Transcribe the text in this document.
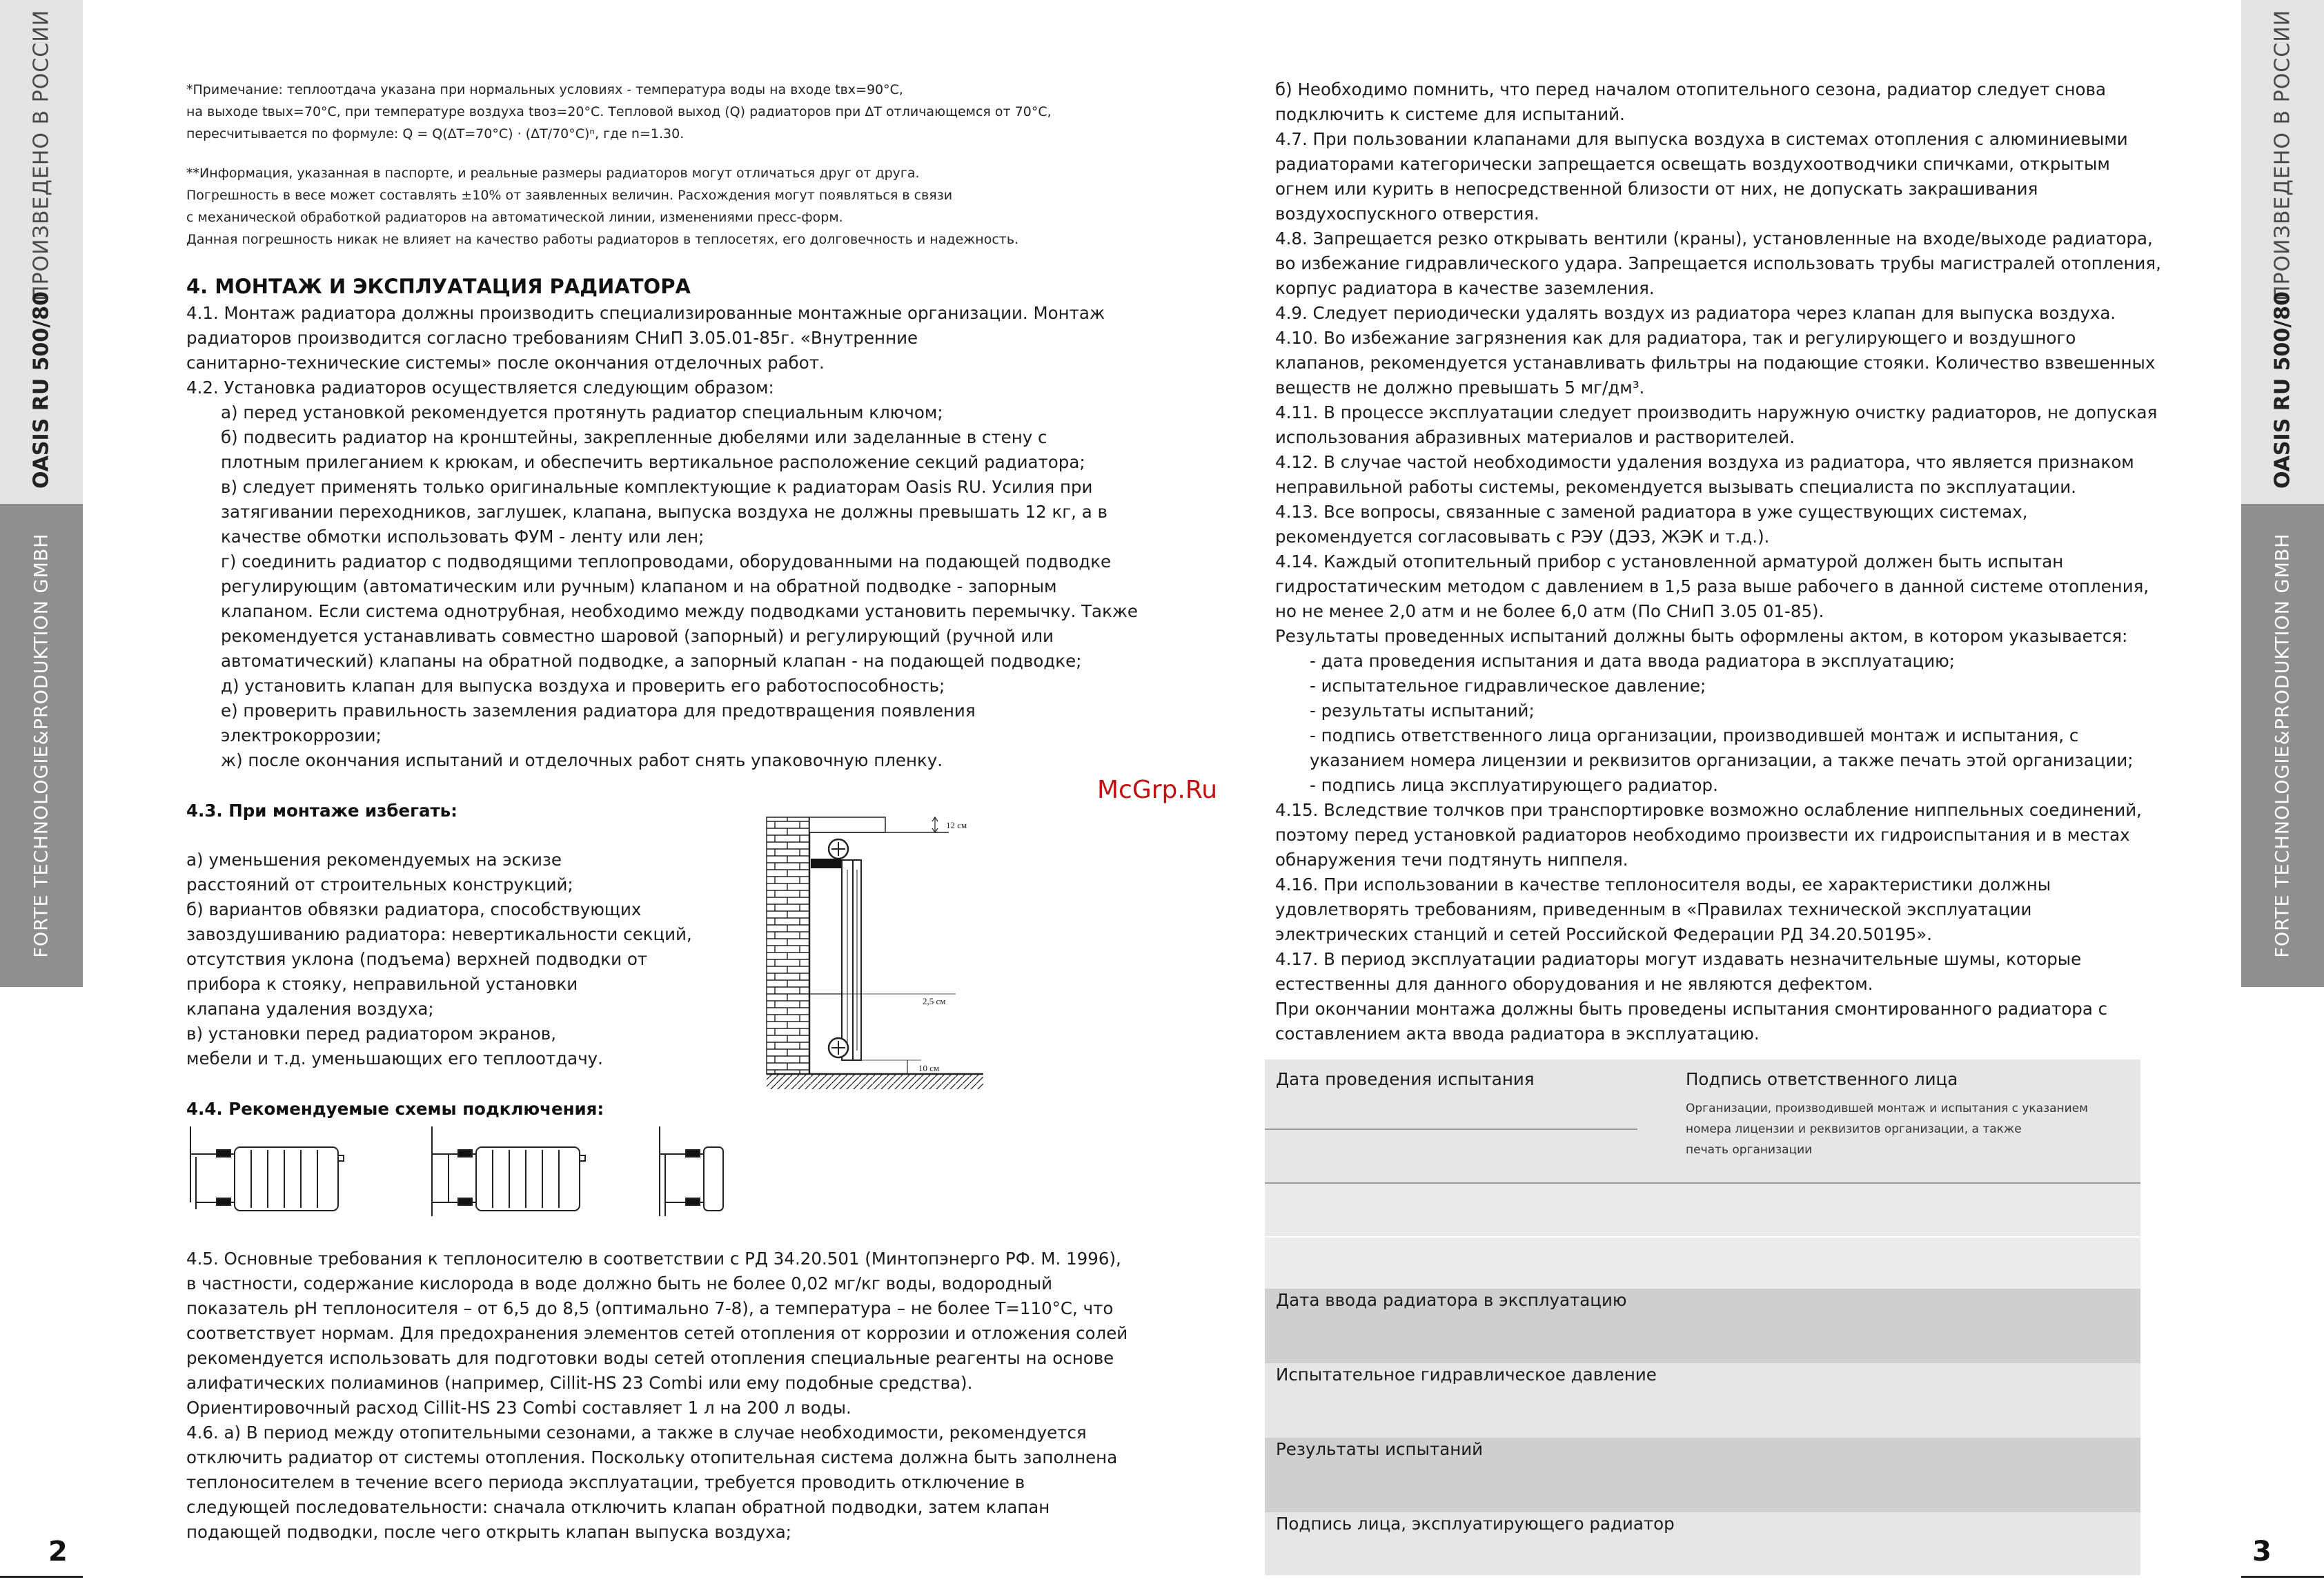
ПРОИЗВЕДЕНО В РОССИИ
OASIS RU 500/80
FORTE TECHNOLOGIE&PRODUKTION GMBH
2
ПРОИЗВЕДЕНО В РОССИИ
OASIS RU 500/80
FORTE TECHNOLOGIE&PRODUKTION GMBH
3

*Примечание: теплоотдача указана при нормальных условиях - температура воды на входе tвх=90°С,

на выходе tвых=70°С, при температуре воздуха tвоз=20°С. Тепловой выход (Q) радиаторов при ΔТ отличающемся от 70°С,

пересчитывается по формуле: Q = Q(ΔТ=70°С) · (ΔТ/70°С)ⁿ, где n=1.30.

**Информация, указанная в паспорте, и реальные размеры радиаторов могут отличаться друг от друга.

Погрешность в весе может составлять ±10% от заявленных величин. Расхождения могут появляться в связи

с механической обработкой радиаторов на автоматической линии, изменениями пресс-форм.

Данная погрешность никак не влияет на качество работы радиаторов в теплосетях, его долговечность и надежность.

4. МОНТАЖ И ЭКСПЛУАТАЦИЯ РАДИАТОРА

4.1. Монтаж радиатора должны производить специализированные монтажные организации. Монтаж

радиаторов производится согласно требованиям СНиП 3.05.01-85г. «Внутренние

санитарно-технические системы» после окончания отделочных работ.

4.2. Установка радиаторов осуществляется следующим образом:

а) перед установкой рекомендуется протянуть радиатор специальным ключом;

б) подвесить радиатор на кронштейны, закрепленные дюбелями или заделанные в стену с

плотным прилеганием к крюкам, и обеспечить вертикальное расположение секций радиатора;

в) следует применять только оригинальные комплектующие к радиаторам Oasis RU. Усилия при

затягивании переходников, заглушек, клапана, выпуска воздуха не должны превышать 12 кг, а в

качестве обмотки использовать ФУМ - ленту или лен;

г) соединить радиатор с подводящими теплопроводами, оборудованными на подающей подводке

регулирующим (автоматическим или ручным) клапаном и на обратной подводке - запорным

клапаном. Если система однотрубная, необходимо между подводками установить перемычку. Также

рекомендуется устанавливать совместно шаровой (запорный) и регулирующий (ручной или

автоматический) клапаны на обратной подводке, а запорный клапан - на подающей подводке;

д) установить клапан для выпуска воздуха и проверить его работоспособность;

е) проверить правильность заземления радиатора для предотвращения появления

электрокоррозии;

ж) после окончания испытаний и отделочных работ снять упаковочную пленку.

4.3. При монтаже избегать:

а) уменьшения рекомендуемых на эскизе

расстояний от строительных конструкций;

б) вариантов обвязки радиатора, способствующих

завоздушиванию радиатора: невертикальности секций,

отсутствия уклона (подъема) верхней подводки от

прибора к стояку, неправильной установки

клапана удаления воздуха;

в) установки перед радиатором экранов,

мебели и т.д. уменьшающих его теплоотдачу.

12 см
2,5 см
10 см
4.4. Рекомендуемые схемы подключения:

4.5. Основные требования к теплоносителю в соответствии с РД 34.20.501 (Минтопэнерго РФ. М. 1996),

в частности, содержание кислорода в воде должно быть не более 0,02 мг/кг воды, водородный

показатель pH теплоносителя – от 6,5 до 8,5 (оптимально 7-8), а температура – не более Т=110°С, что

соответствует нормам. Для предохранения элементов сетей отопления от коррозии и отложения солей

рекомендуется использовать для подготовки воды сетей отопления специальные реагенты на основе

алифатических полиаминов (например, Cillit-HS 23 Combi или ему подобные средства).

Ориентировочный расход Cillit-HS 23 Combi составляет 1 л на 200 л воды.

4.6. а) В период между отопительными сезонами, а также в случае необходимости, рекомендуется

отключить радиатор от системы отопления. Поскольку отопительная система должна быть заполнена

теплоносителем в течение всего периода эксплуатации, требуется проводить отключение в

следующей последовательности: сначала отключить клапан обратной подводки, затем клапан

подающей подводки, после чего открыть клапан выпуска воздуха;

McGrp.Ru

б) Необходимо помнить, что перед началом отопительного сезона, радиатор следует снова

подключить к системе для испытаний.

4.7. При пользовании клапанами для выпуска воздуха в системах отопления с алюминиевыми

радиаторами категорически запрещается освещать воздухоотводчики спичками, открытым

огнем или курить в непосредственной близости от них, не допускать закрашивания

воздухоспускного отверстия.

4.8. Запрещается резко открывать вентили (краны), установленные на входе/выходе радиатора,

во избежание гидравлического удара. Запрещается использовать трубы магистралей отопления,

корпус радиатора в качестве заземления.

4.9. Следует периодически удалять воздух из радиатора через клапан для выпуска воздуха.

4.10. Во избежание загрязнения как для радиатора, так и регулирующего и воздушного

клапанов, рекомендуется устанавливать фильтры на подающие стояки. Количество взвешенных

веществ не должно превышать 5 мг/дм³.

4.11. В процессе эксплуатации следует производить наружную очистку радиаторов, не допуская

использования абразивных материалов и растворителей.

4.12. В случае частой необходимости удаления воздуха из радиатора, что является признаком

неправильной работы системы, рекомендуется вызывать специалиста по эксплуатации.

4.13. Все вопросы, связанные с заменой радиатора в уже существующих системах,

рекомендуется согласовывать с РЭУ (ДЭЗ, ЖЭК и т.д.).

4.14. Каждый отопительный прибор с установленной арматурой должен быть испытан

гидростатическим методом с давлением в 1,5 раза выше рабочего в данной системе отопления,

но не менее 2,0 атм и не более 6,0 атм (По СНиП 3.05 01-85).

Результаты проведенных испытаний должны быть оформлены актом, в котором указывается:

- дата проведения испытания и дата ввода радиатора в эксплуатацию;

- испытательное гидравлическое давление;

- результаты испытаний;

- подпись ответственного лица организации, производившей монтаж и испытания, с

указанием номера лицензии и реквизитов организации, а также печать этой организации;

- подпись лица эксплуатирующего радиатор.

4.15. Вследствие толчков при транспортировке возможно ослабление ниппельных соединений,

поэтому перед установкой радиаторов необходимо произвести их гидроиспытания и в местах

обнаружения течи подтянуть ниппеля.

4.16. При использовании в качестве теплоносителя воды, ее характеристики должны

удовлетворять требованиям, приведенным в «Правилах технической эксплуатации

электрических станций и сетей Российской Федерации РД 34.20.50195».

4.17. В период эксплуатации радиаторы могут издавать незначительные шумы, которые

естественны для данного оборудования и не являются дефектом.

При окончании монтажа должны быть проведены испытания смонтированного радиатора с

составлением акта ввода радиатора в эксплуатацию.

Дата проведения испытания	Подпись ответственного лица
Организации, производившей монтаж и испытания с указанием
номера лицензии и реквизитов организации, а также
печать организации
Дата ввода радиатора в эксплуатацию
Испытательное гидравлическое давление
Результаты испытаний
Подпись лица, эксплуатирующего радиатор
